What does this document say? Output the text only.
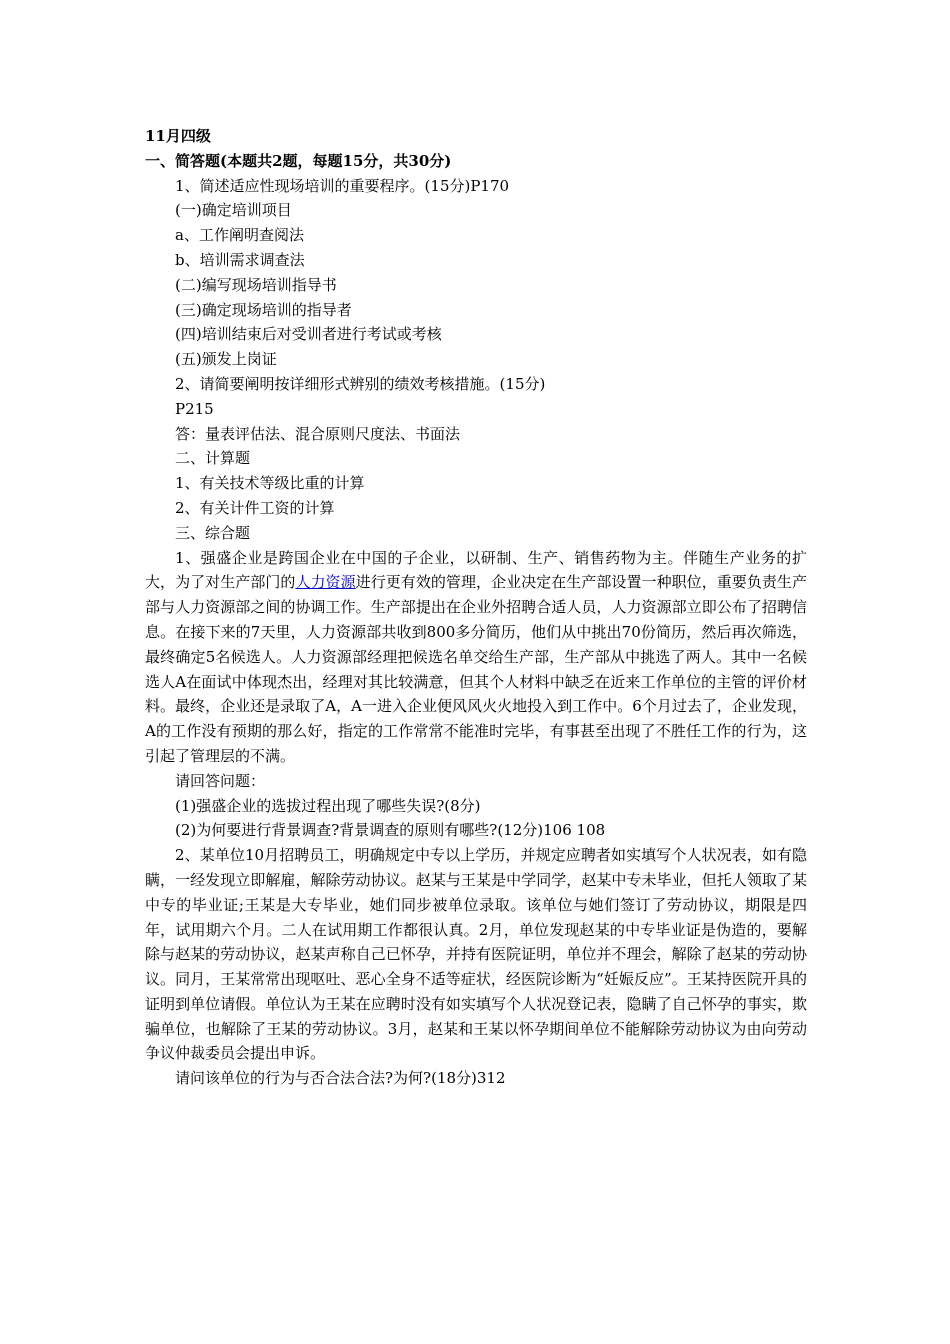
11月四级

一、简答题(本题共2题，每题15分，共30分)

1、简述适应性现场培训的重要程序。(15分)P170

(一)确定培训项目

a、工作阐明查阅法

b、培训需求调查法

(二)编写现场培训指导书

(三)确定现场培训的指导者

(四)培训结束后对受训者进行考试或考核

(五)颁发上岗证

2、请简要阐明按详细形式辨别的绩效考核措施。(15分)

P215

答：量表评估法、混合原则尺度法、书面法

二、计算题

1、有关技术等级比重的计算

2、有关计件工资的计算

三、综合题

1、强盛企业是跨国企业在中国的子企业，以研制、生产、销售药物为主。伴随生产业务的扩大，为了对生产部门的人力资源进行更有效的管理，企业决定在生产部设置一种职位，重要负责生产部与人力资源部之间的协调工作。生产部提出在企业外招聘合适人员，人力资源部立即公布了招聘信息。在接下来的7天里，人力资源部共收到800多分简历，他们从中挑出70份简历，然后再次筛选，最终确定5名候选人。人力资源部经理把候选名单交给生产部，生产部从中挑选了两人。其中一名候选人A在面试中体现杰出，经理对其比较满意，但其个人材料中缺乏在近来工作单位的主管的评价材料。最终，企业还是录取了A，A一进入企业便风风火火地投入到工作中。6个月过去了，企业发现，A的工作没有预期的那么好，指定的工作常常不能准时完毕，有事甚至出现了不胜任工作的行为，这引起了管理层的不满。

请回答问题：

(1)强盛企业的选拔过程出现了哪些失误?(8分)

(2)为何要进行背景调查?背景调查的原则有哪些?(12分)106 108

2、某单位10月招聘员工，明确规定中专以上学历，并规定应聘者如实填写个人状况表，如有隐瞒，一经发现立即解雇，解除劳动协议。赵某与王某是中学同学，赵某中专未毕业，但托人领取了某中专的毕业证;王某是大专毕业，她们同步被单位录取。该单位与她们签订了劳动协议，期限是四年，试用期六个月。二人在试用期工作都很认真。2月，单位发现赵某的中专毕业证是伪造的，要解除与赵某的劳动协议，赵某声称自己已怀孕，并持有医院证明，单位并不理会，解除了赵某的劳动协议。同月，王某常常出现呕吐、恶心全身不适等症状，经医院诊断为“妊娠反应”。王某持医院开具的证明到单位请假。单位认为王某在应聘时没有如实填写个人状况登记表，隐瞒了自己怀孕的事实，欺骗单位，也解除了王某的劳动协议。3月，赵某和王某以怀孕期间单位不能解除劳动协议为由向劳动争议仲裁委员会提出申诉。

请问该单位的行为与否合法合法?为何?(18分)312
